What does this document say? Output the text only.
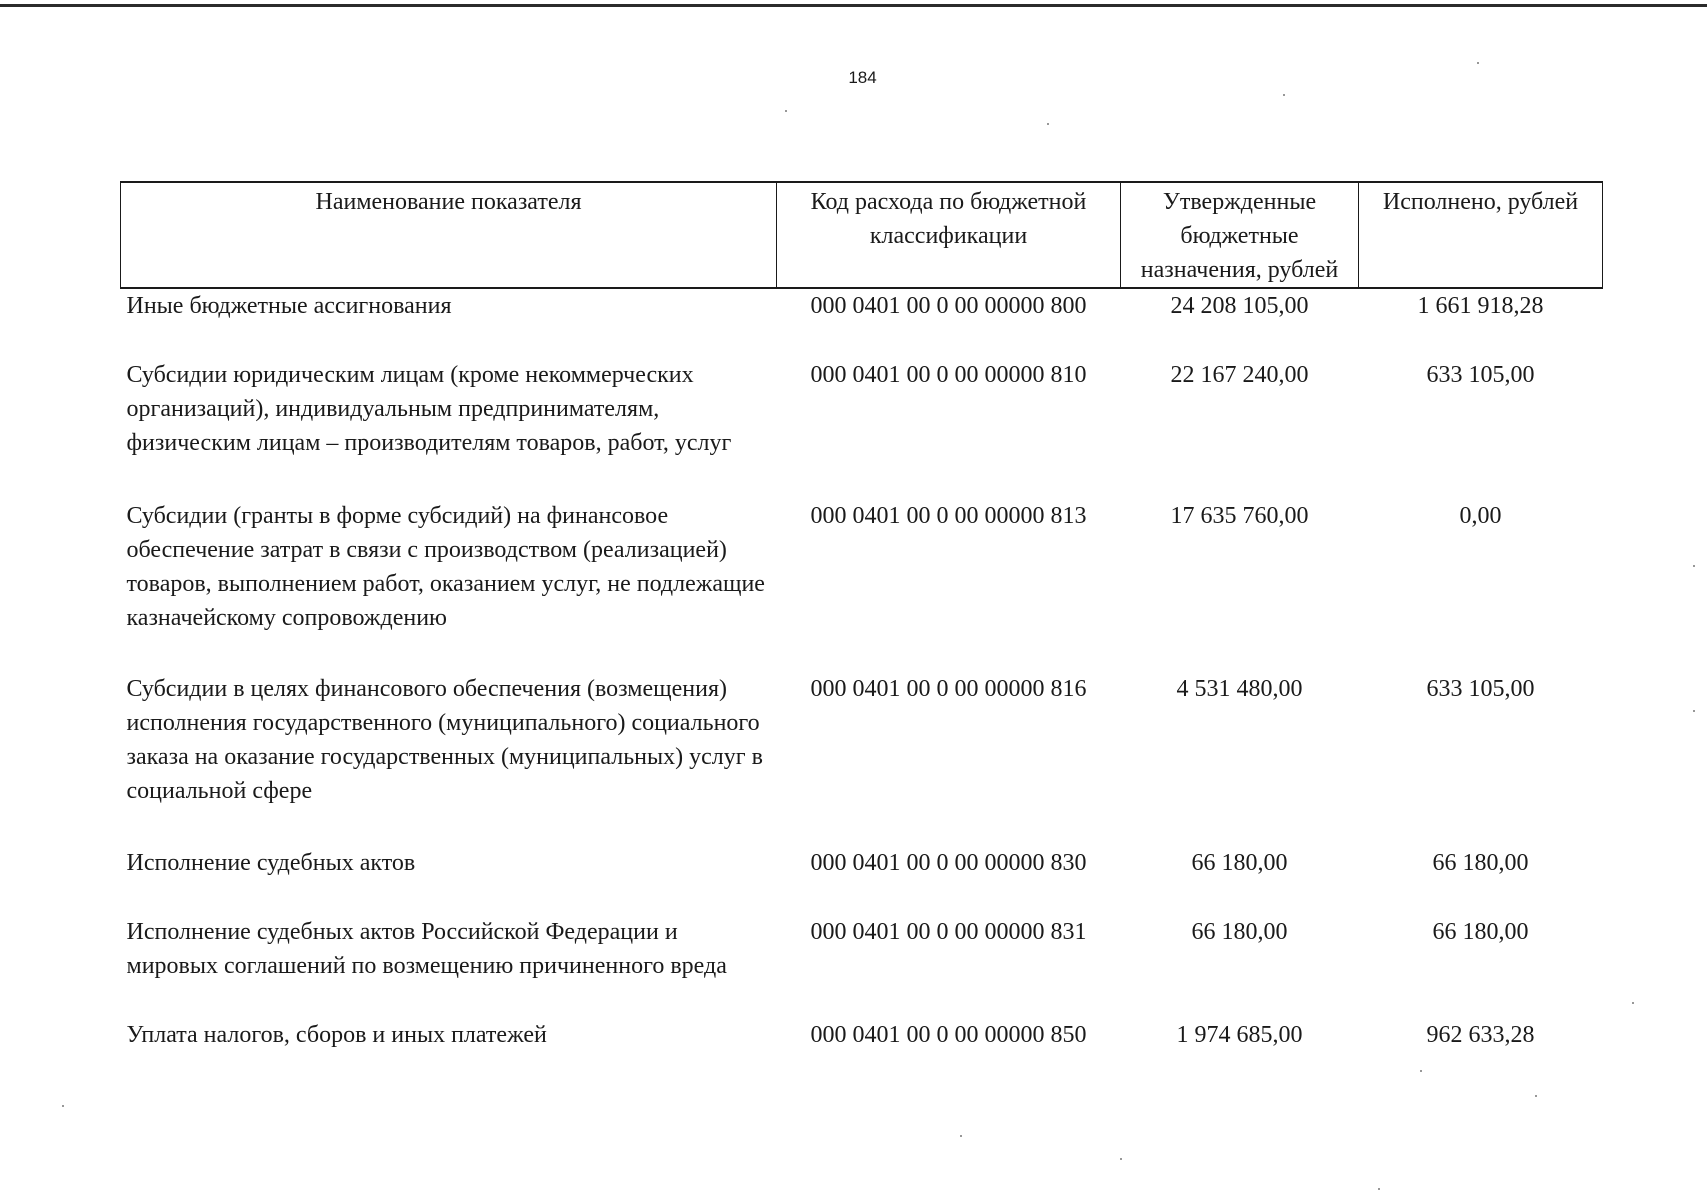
184
Наименование показателя	Код расхода по бюджетной классификации	Утвержденные бюджетные назначения, рублей	Исполнено, рублей
Иные бюджетные ассигнования	000 0401 00 0 00 00000 800	24 208 105,00	1 661 918,28
Субсидии юридическим лицам (кроме некоммерческих организаций), индивидуальным предпринимателям, физическим лицам – производителям товаров, работ, услуг	000 0401 00 0 00 00000 810	22 167 240,00	633 105,00
Субсидии (гранты в форме субсидий) на финансовое обеспечение затрат в связи с производством (реализацией) товаров, выполнением работ, оказанием услуг, не подлежащие казначейскому сопровождению	000 0401 00 0 00 00000 813	17 635 760,00	0,00
Субсидии в целях финансового обеспечения (возмещения) исполнения государственного (муниципального) социального заказа на оказание государственных (муниципальных) услуг в социальной сфере	000 0401 00 0 00 00000 816	4 531 480,00	633 105,00
Исполнение судебных актов	000 0401 00 0 00 00000 830	66 180,00	66 180,00
Исполнение судебных актов Российской Федерации и мировых соглашений по возмещению причиненного вреда	000 0401 00 0 00 00000 831	66 180,00	66 180,00
Уплата налогов, сборов и иных платежей	000 0401 00 0 00 00000 850	1 974 685,00	962 633,28
